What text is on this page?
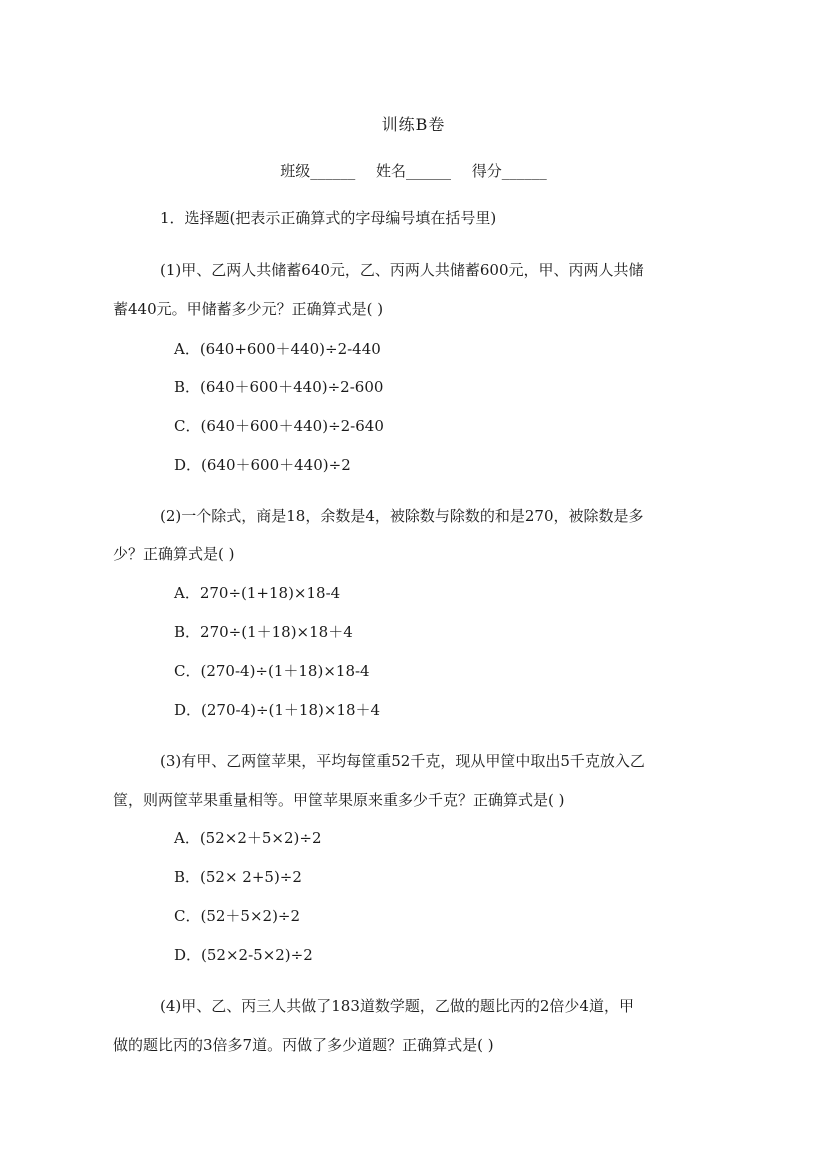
训练B卷
班级______ 姓名______ 得分______
1．选择题(把表示正确算式的字母编号填在括号里)
(1)甲、乙两人共储蓄640元，乙、丙两人共储蓄600元，甲、丙两人共储
蓄440元。甲储蓄多少元？正确算式是( )
A．(640+600＋440)÷2-440
B．(640＋600＋440)÷2-600
C．(640＋600＋440)÷2-640
D．(640＋600＋440)÷2
(2)一个除式，商是18，余数是4，被除数与除数的和是270，被除数是多
少？正确算式是( )
A．270÷(1+18)×18-4
B．270÷(1＋18)×18＋4
C．(270-4)÷(1＋18)×18-4
D．(270-4)÷(1＋18)×18＋4
(3)有甲、乙两筐苹果，平均每筐重52千克，现从甲筐中取出5千克放入乙
筐，则两筐苹果重量相等。甲筐苹果原来重多少千克？正确算式是( )
A．(52×2＋5×2)÷2
B．(52× 2+5)÷2
C．(52＋5×2)÷2
D．(52×2-5×2)÷2
(4)甲、乙、丙三人共做了183道数学题，乙做的题比丙的2倍少4道，甲
做的题比丙的3倍多7道。丙做了多少道题？正确算式是( )
